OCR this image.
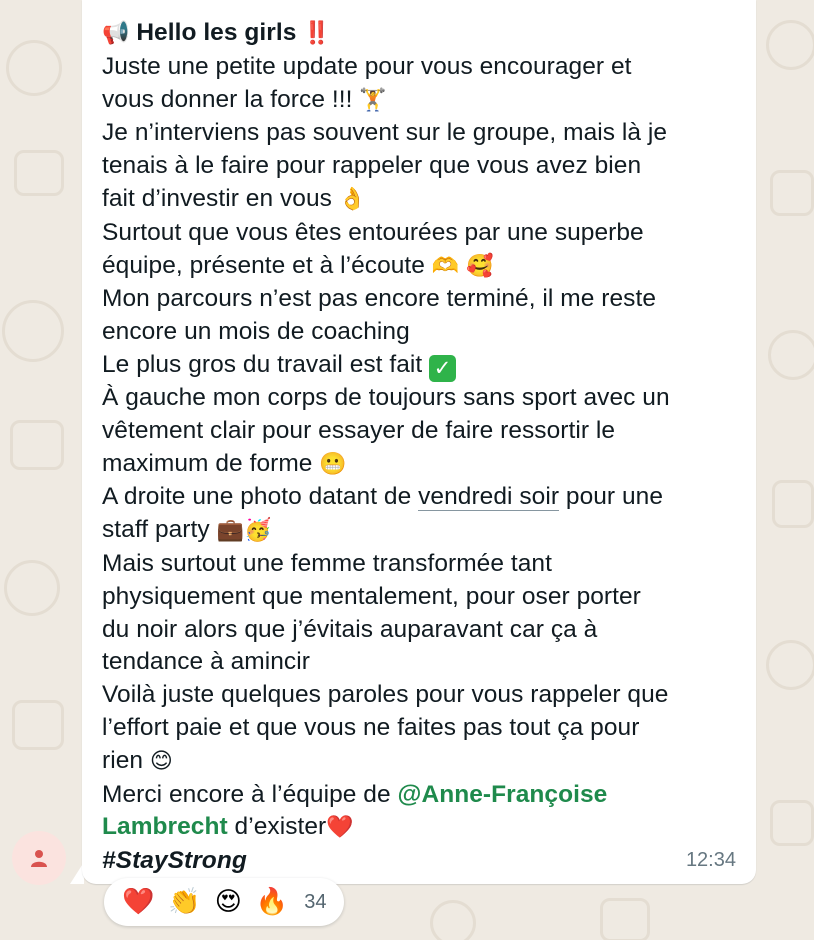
📢 Hello les girls ‼️
Juste une petite update pour vous encourager et
vous donner la force !!! 🏋
Je n’interviens pas souvent sur le groupe, mais là je
tenais à le faire pour rappeler que vous avez bien
fait d’investir en vous 👌
Surtout que vous êtes entourées par une superbe
équipe, présente et à l’écoute 🫶 🥰
Mon parcours n’est pas encore terminé, il me reste
encore un mois de coaching
Le plus gros du travail est fait ✓
À gauche mon corps de toujours sans sport avec un
vêtement clair pour essayer de faire ressortir le
maximum de forme 😬
A droite une photo datant de vendredi soir pour une
staff party 💼🥳
Mais surtout une femme transformée tant
physiquement que mentalement, pour oser porter
du noir alors que j’évitais auparavant car ça à
tendance à amincir
Voilà juste quelques paroles pour vous rappeler que
l’effort paie et que vous ne faites pas tout ça pour
rien 😊
Merci encore à l’équipe de @Anne-Françoise
Lambrecht d’exister❤️
#StayStrong	12:34
❤️ 👏 😍 🔥 34
